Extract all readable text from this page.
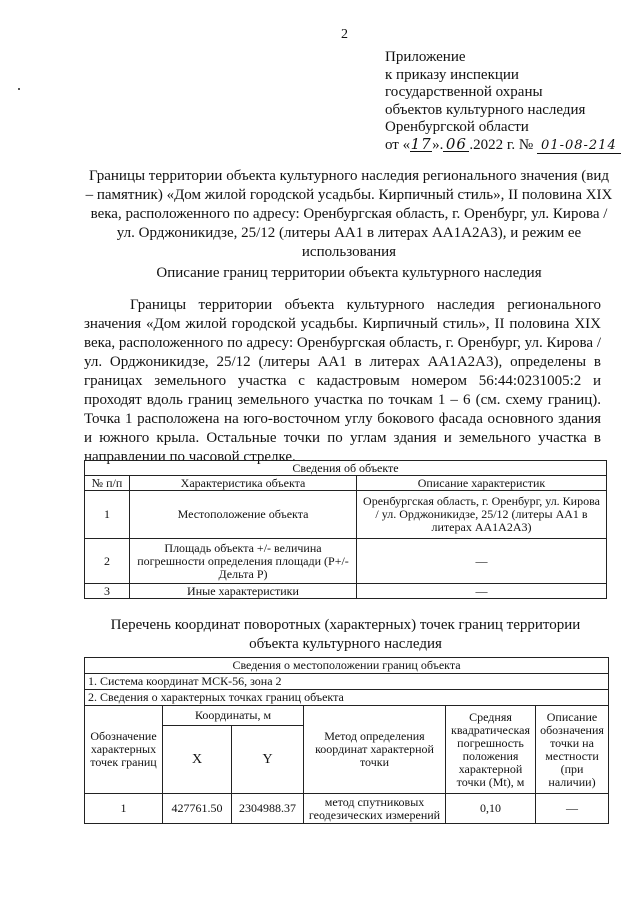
2
Приложение
к приказу инспекции
государственной охраны
объектов культурного наследия
Оренбургской области
от «17». 06 .2022 г. № 01-08-214
Границы территории объекта культурного наследия регионального значения (вид – памятник) «Дом жилой городской усадьбы. Кирпичный стиль», II половина XIX века, расположенного по адресу: Оренбургская область, г. Оренбург, ул. Кирова / ул. Орджоникидзе, 25/12 (литеры АА1 в литерах АА1А2А3), и режим ее использования
Описание границ территории объекта культурного наследия
Границы территории объекта культурного наследия регионального значения «Дом жилой городской усадьбы. Кирпичный стиль», II половина XIX века, расположенного по адресу: Оренбургская область, г. Оренбург, ул. Кирова / ул. Орджоникидзе, 25/12 (литеры АА1 в литерах АА1А2А3), определены в границах земельного участка с кадастровым номером 56:44:0231005:2 и проходят вдоль границ земельного участка по точкам 1 – 6 (см. схему границ). Точка 1 расположена на юго-восточном углу бокового фасада основного здания и южного крыла. Остальные точки по углам здания и земельного участка в направлении по часовой стрелке.
Сведения об объекте		
№ п/п	Характеристика объекта	Описание характеристик
1	Местоположение объекта	Оренбургская область, г. Оренбург, ул. Кирова / ул. Орджоникидзе, 25/12 (литеры АА1 в литерах АА1А2А3)
2	Площадь объекта +/- величина погрешности определения площади (P+/- Дельта P)	—
3	Иные характеристики	—
Перечень координат поворотных (характерных) точек границ территории объекта культурного наследия
Сведения о местоположении границ объекта					
1. Система координат МСК-56, зона 2					
2. Сведения о характерных точках границ объекта					
Обозначение характерных точек границ	Координаты, м		Метод определения координат характерной точки	Средняя квадратическая погрешность положения характерной точки (Mt), м	Описание обозначения точки на местности (при наличии)
	X	Y			
1	427761.50	2304988.37	метод спутниковых геодезических измерений	0,10	—
